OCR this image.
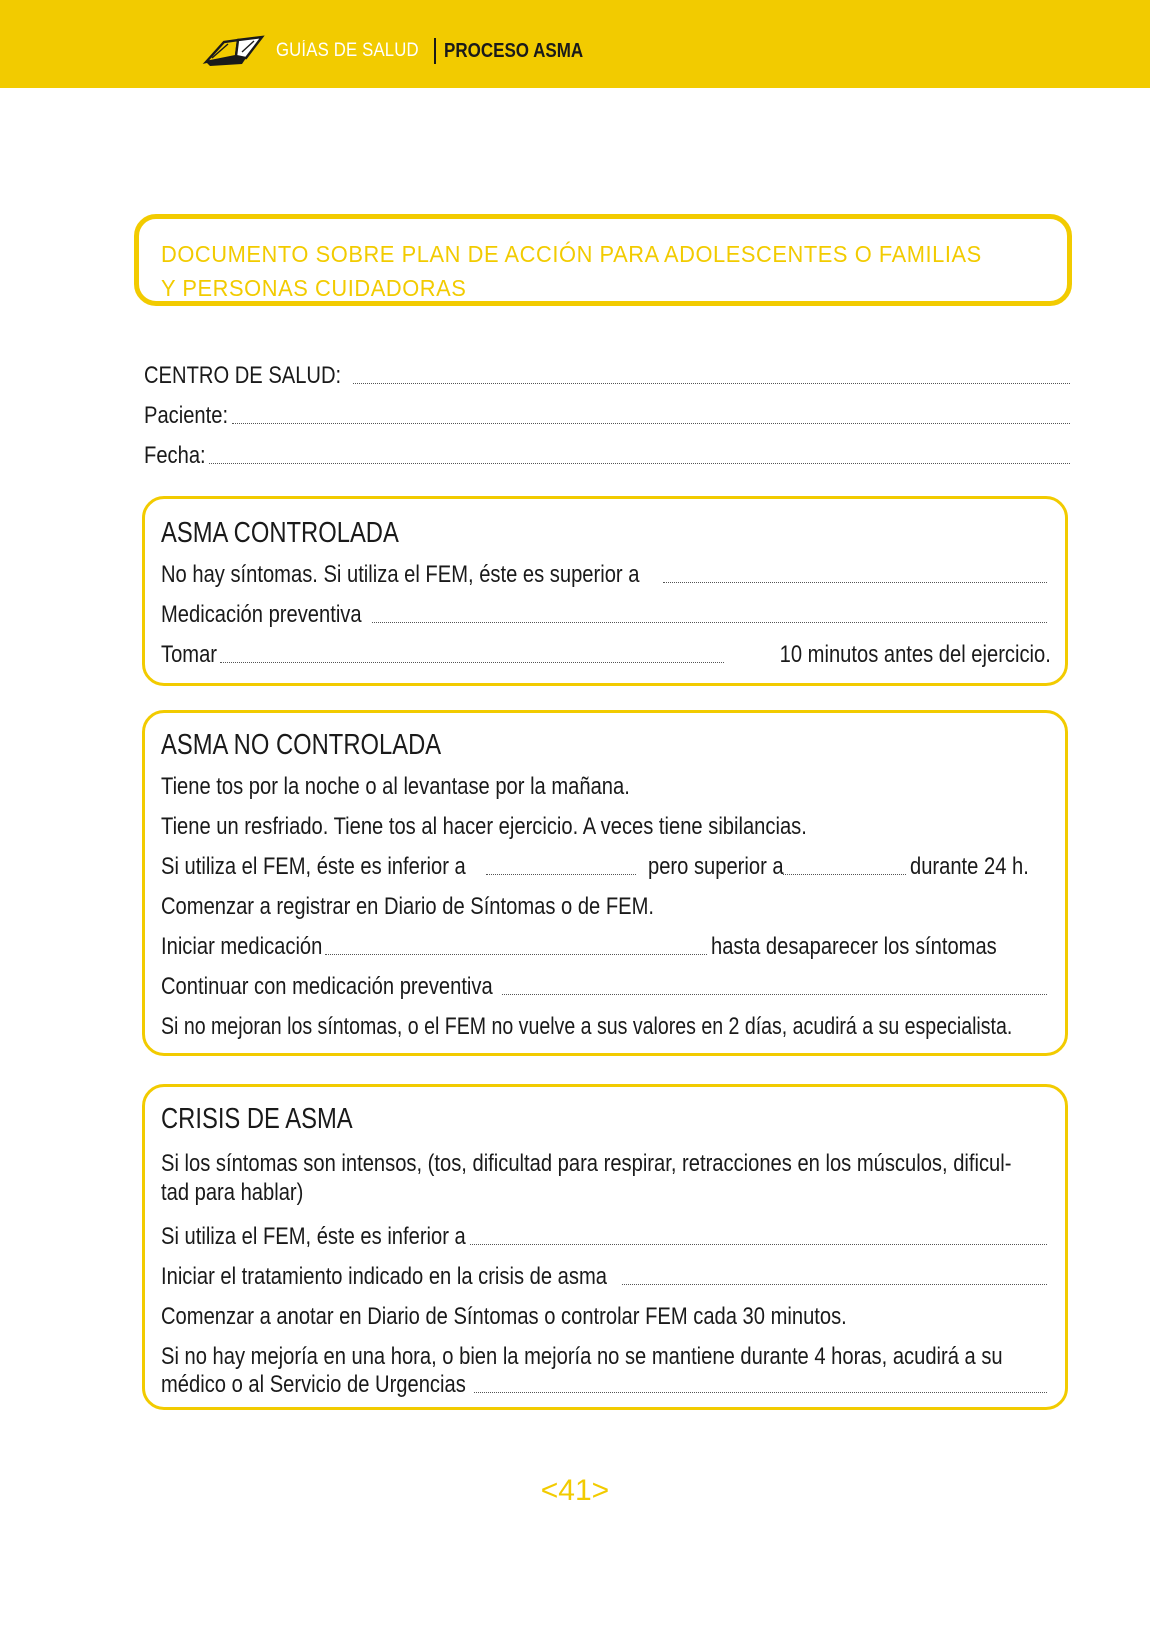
GUÍAS DE SALUD PROCESO ASMA
DOCUMENTO SOBRE PLAN DE ACCIÓN PARA ADOLESCENTES O FAMILIAS
Y PERSONAS CUIDADORAS
CENTRO DE SALUD:
Paciente:
Fecha:
ASMA CONTROLADA
No hay síntomas. Si utiliza el FEM, éste es superior a
Medicación preventiva
Tomar	10 minutos antes del ejercicio.
ASMA NO CONTROLADA
Tiene tos por la noche o al levantase por la mañana.
Tiene un resfriado. Tiene tos al hacer ejercicio. A veces tiene sibilancias.
Si utiliza el FEM, éste es inferior a	pero superior a	durante 24 h.
Comenzar a registrar en Diario de Síntomas o de FEM.
Iniciar medicación	hasta desaparecer los síntomas
Continuar con medicación preventiva
Si no mejoran los síntomas, o el FEM no vuelve a sus valores en 2 días, acudirá a su especialista.
CRISIS DE ASMA
Si los síntomas son intensos, (tos, dificultad para respirar, retracciones en los músculos, dificul- tad para hablar)
Si utiliza el FEM, éste es inferior a
Iniciar el tratamiento indicado en la crisis de asma
Comenzar a anotar en Diario de Síntomas o controlar FEM cada 30 minutos.
Si no hay mejoría en una hora, o bien la mejoría no se mantiene durante 4 horas, acudirá a su
médico o al Servicio de Urgencias
<41>
